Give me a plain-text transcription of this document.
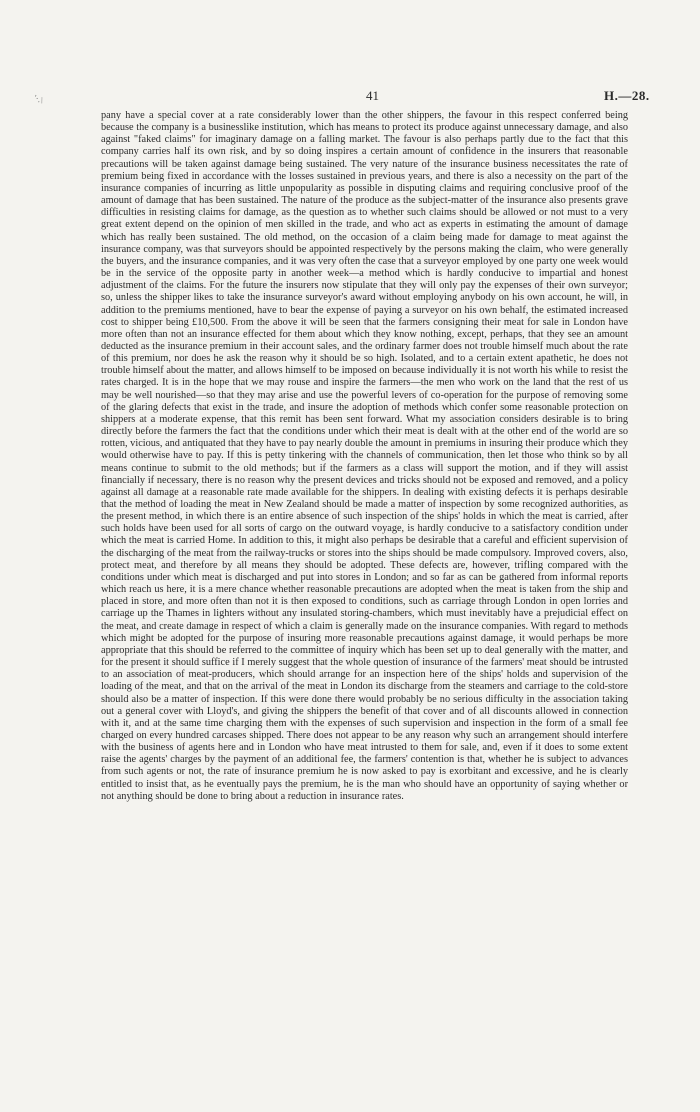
'·.\	41	H.—28.

pany have a special cover at a rate considerably lower than the other shippers, the favour in this respect conferred being because the company is a businesslike institution, which has means to protect its produce against unnecessary damage, and also against "faked claims" for imaginary damage on a falling market. The favour is also perhaps partly due to the fact that this company carries half its own risk, and by so doing inspires a certain amount of confidence in the insurers that reasonable precautions will be taken against damage being sustained. The very nature of the insurance business necessitates the rate of premium being fixed in accordance with the losses sustained in previous years, and there is also a necessity on the part of the insurance companies of incurring as little unpopularity as possible in disputing claims and requiring conclusive proof of the amount of damage that has been sustained. The nature of the produce as the subject-matter of the insurance also presents grave difficulties in resisting claims for damage, as the question as to whether such claims should be allowed or not must to a very great extent depend on the opinion of men skilled in the trade, and who act as experts in estimating the amount of damage which has really been sustained. The old method, on the occasion of a claim being made for damage to meat against the insurance company, was that surveyors should be appointed respectively by the persons making the claim, who were generally the buyers, and the insurance companies, and it was very often the case that a surveyor employed by one party one week would be in the service of the opposite party in another week—a method which is hardly conducive to impartial and honest adjustment of the claims. For the future the insurers now stipulate that they will only pay the expenses of their own surveyor; so, unless the shipper likes to take the insurance surveyor's award without employing anybody on his own account, he will, in addition to the premiums mentioned, have to bear the expense of paying a surveyor on his own behalf, the estimated increased cost to shipper being £10,500. From the above it will be seen that the farmers consigning their meat for sale in London have more often than not an insurance effected for them about which they know nothing, except, perhaps, that they see an amount deducted as the insurance premium in their account sales, and the ordinary farmer does not trouble himself much about the rate of this premium, nor does he ask the reason why it should be so high. Isolated, and to a certain extent apathetic, he does not trouble himself about the matter, and allows himself to be imposed on because individually it is not worth his while to resist the rates charged. It is in the hope that we may rouse and inspire the farmers—the men who work on the land that the rest of us may be well nourished—so that they may arise and use the powerful levers of co-operation for the purpose of removing some of the glaring defects that exist in the trade, and insure the adoption of methods which confer some reasonable protection on shippers at a moderate expense, that this remit has been sent forward. What my association considers desirable is to bring directly before the farmers the fact that the conditions under which their meat is dealt with at the other end of the world are so rotten, vicious, and antiquated that they have to pay nearly double the amount in premiums in insuring their produce which they would otherwise have to pay. If this is petty tinkering with the channels of communication, then let those who think so by all means continue to submit to the old methods; but if the farmers as a class will support the motion, and if they will assist financially if necessary, there is no reason why the present devices and tricks should not be exposed and removed, and a policy against all damage at a reasonable rate made available for the shippers. In dealing with existing defects it is perhaps desirable that the method of loading the meat in New Zealand should be made a matter of inspection by some recognized authorities, as the present method, in which there is an entire absence of such inspection of the ships' holds in which the meat is carried, after such holds have been used for all sorts of cargo on the outward voyage, is hardly conducive to a satisfactory condition under which the meat is carried Home. In addition to this, it might also perhaps be desirable that a careful and efficient supervision of the discharging of the meat from the railway-trucks or stores into the ships should be made compulsory. Improved covers, also, protect meat, and therefore by all means they should be adopted. These defects are, however, trifling compared with the conditions under which meat is discharged and put into stores in London; and so far as can be gathered from informal reports which reach us here, it is a mere chance whether reasonable precautions are adopted when the meat is taken from the ship and placed in store, and more often than not it is then exposed to conditions, such as carriage through London in open lorries and carriage up the Thames in lighters without any insulated storing-chambers, which must inevitably have a prejudicial effect on the meat, and create damage in respect of which a claim is generally made on the insurance companies. With regard to methods which might be adopted for the purpose of insuring more reasonable precautions against damage, it would perhaps be more appropriate that this should be referred to the committee of inquiry which has been set up to deal generally with the matter, and for the present it should suffice if I merely suggest that the whole question of insurance of the farmers' meat should be intrusted to an association of meat-producers, which should arrange for an inspection here of the ships' holds and supervision of the loading of the meat, and that on the arrival of the meat in London its discharge from the steamers and carriage to the cold-store should also be a matter of inspection. If this were done there would probably be no serious difficulty in the association taking out a general cover with Lloyd's, and giving the shippers the benefit of that cover and of all discounts allowed in connection with it, and at the same time charging them with the expenses of such supervision and inspection in the form of a small fee charged on every hundred carcases shipped. There does not appear to be any reason why such an arrangement should interfere with the business of agents here and in London who have meat intrusted to them for sale, and, even if it does to some extent raise the agents' charges by the payment of an additional fee, the farmers' contention is that, whether he is subject to advances from such agents or not, the rate of insurance premium he is now asked to pay is exorbitant and excessive, and he is clearly entitled to insist that, as he eventually pays the premium, he is the man who should have an opportunity of saying whether or not anything should be done to bring about a reduction in insurance rates.
